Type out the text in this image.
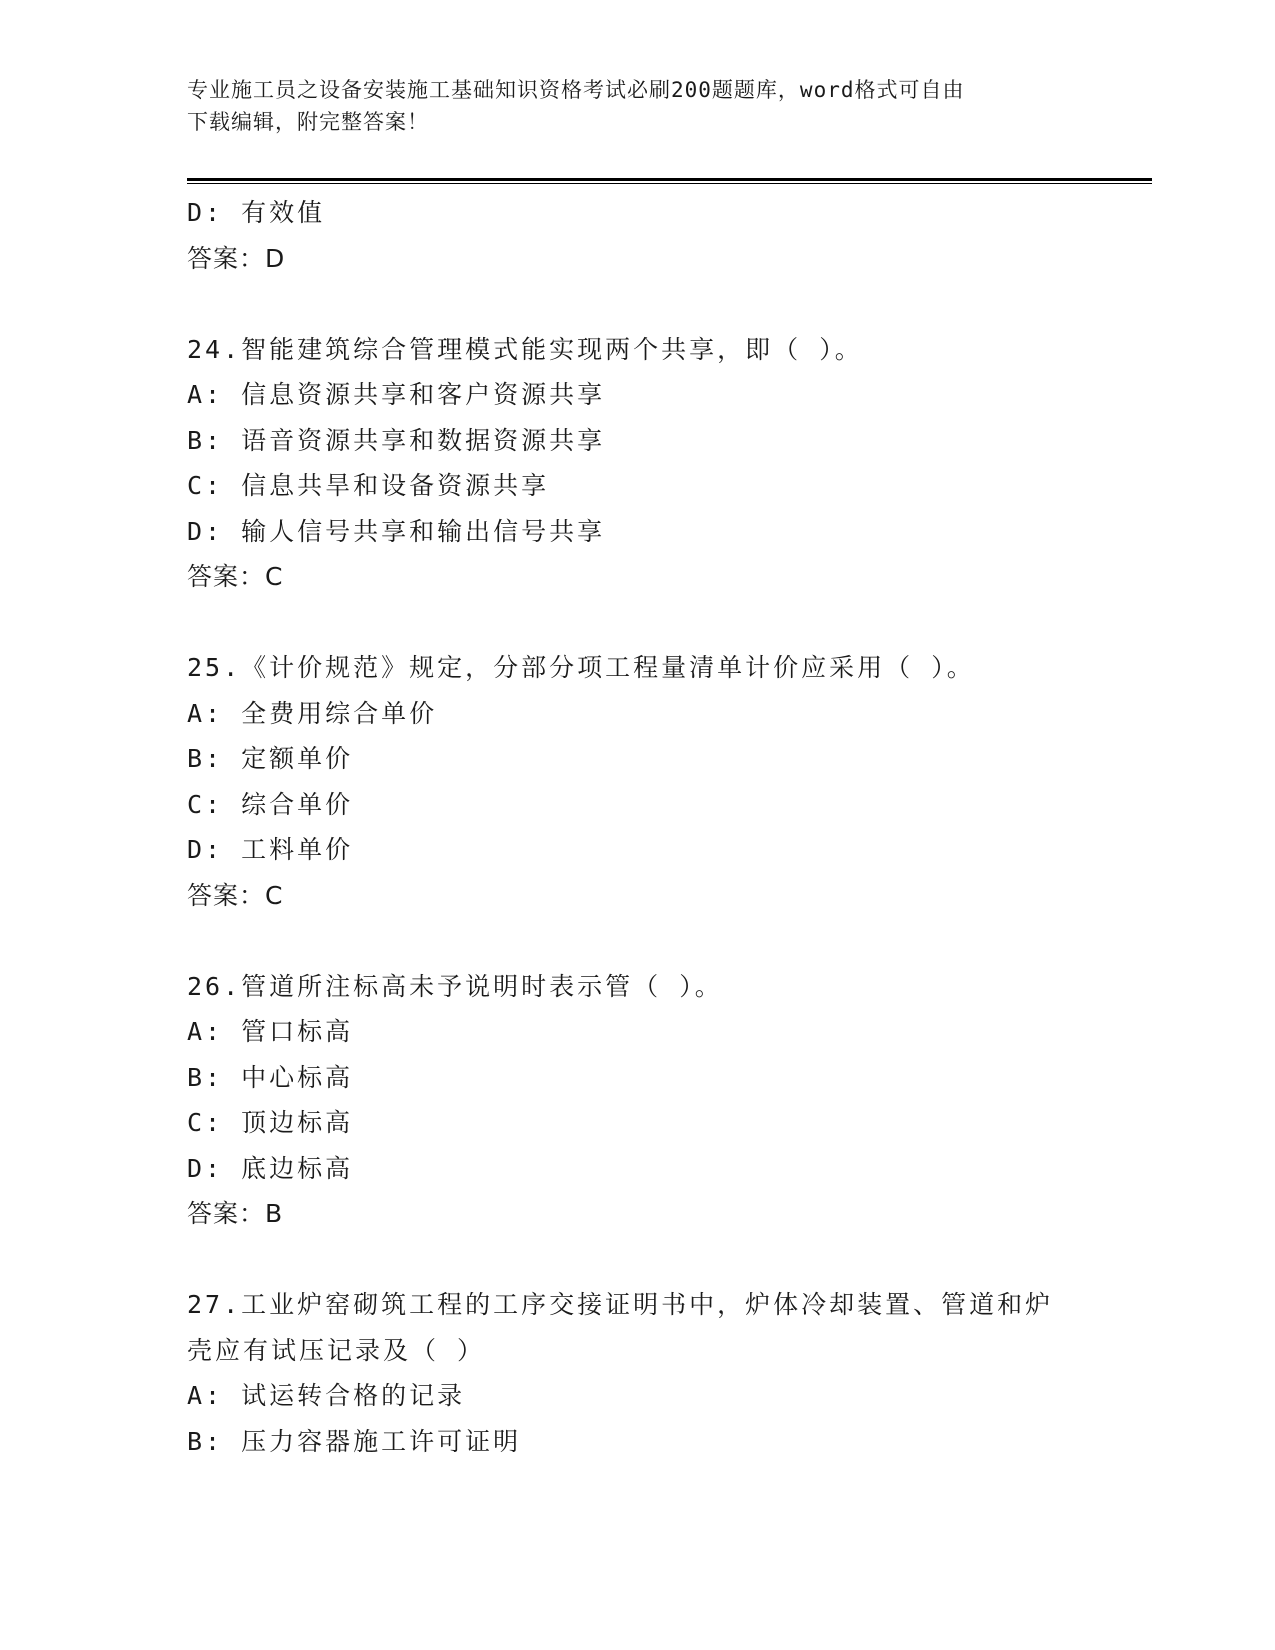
专业施工员之设备安装施工基础知识资格考试必刷200题题库，word格式可自由
下载编辑，附完整答案！
D: 有效值
答案：D
24.智能建筑综合管理模式能实现两个共享，即（ ）。
A: 信息资源共享和客户资源共享
B: 语音资源共享和数据资源共享
C: 信息共旱和设备资源共享
D: 输人信号共享和输出信号共享
答案：C
25.《计价规范》规定，分部分项工程量清单计价应采用（ ）。
A: 全费用综合单价
B: 定额单价
C: 综合单价
D: 工料单价
答案：C
26.管道所注标高未予说明时表示管（ ）。
A: 管口标高
B: 中心标高
C: 顶边标高
D: 底边标高
答案：B
27.工业炉窑砌筑工程的工序交接证明书中，炉体冷却装置、管道和炉
壳应有试压记录及（ ）
A: 试运转合格的记录
B: 压力容器施工许可证明
